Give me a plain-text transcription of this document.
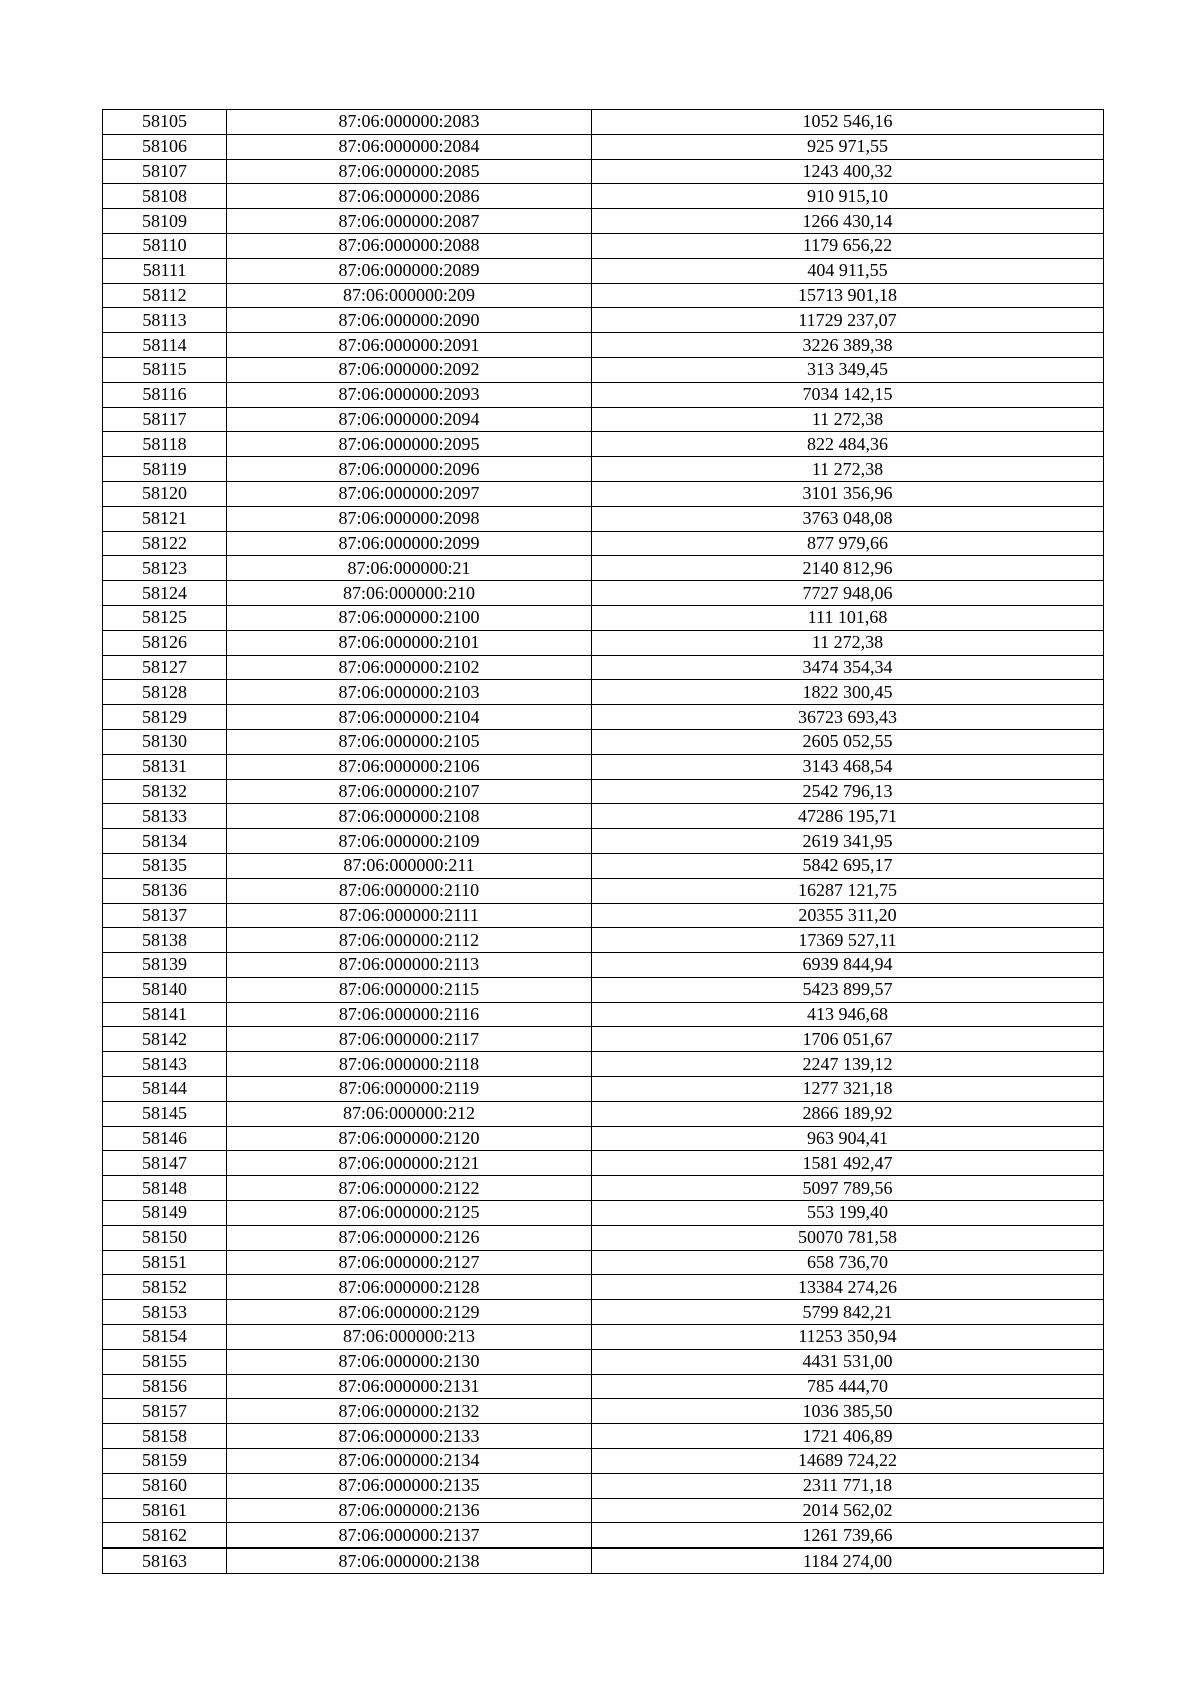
58105	87:06:000000:2083	1052 546,16
58106	87:06:000000:2084	925 971,55
58107	87:06:000000:2085	1243 400,32
58108	87:06:000000:2086	910 915,10
58109	87:06:000000:2087	1266 430,14
58110	87:06:000000:2088	1179 656,22
58111	87:06:000000:2089	404 911,55
58112	87:06:000000:209	15713 901,18
58113	87:06:000000:2090	11729 237,07
58114	87:06:000000:2091	3226 389,38
58115	87:06:000000:2092	313 349,45
58116	87:06:000000:2093	7034 142,15
58117	87:06:000000:2094	11 272,38
58118	87:06:000000:2095	822 484,36
58119	87:06:000000:2096	11 272,38
58120	87:06:000000:2097	3101 356,96
58121	87:06:000000:2098	3763 048,08
58122	87:06:000000:2099	877 979,66
58123	87:06:000000:21	2140 812,96
58124	87:06:000000:210	7727 948,06
58125	87:06:000000:2100	111 101,68
58126	87:06:000000:2101	11 272,38
58127	87:06:000000:2102	3474 354,34
58128	87:06:000000:2103	1822 300,45
58129	87:06:000000:2104	36723 693,43
58130	87:06:000000:2105	2605 052,55
58131	87:06:000000:2106	3143 468,54
58132	87:06:000000:2107	2542 796,13
58133	87:06:000000:2108	47286 195,71
58134	87:06:000000:2109	2619 341,95
58135	87:06:000000:211	5842 695,17
58136	87:06:000000:2110	16287 121,75
58137	87:06:000000:2111	20355 311,20
58138	87:06:000000:2112	17369 527,11
58139	87:06:000000:2113	6939 844,94
58140	87:06:000000:2115	5423 899,57
58141	87:06:000000:2116	413 946,68
58142	87:06:000000:2117	1706 051,67
58143	87:06:000000:2118	2247 139,12
58144	87:06:000000:2119	1277 321,18
58145	87:06:000000:212	2866 189,92
58146	87:06:000000:2120	963 904,41
58147	87:06:000000:2121	1581 492,47
58148	87:06:000000:2122	5097 789,56
58149	87:06:000000:2125	553 199,40
58150	87:06:000000:2126	50070 781,58
58151	87:06:000000:2127	658 736,70
58152	87:06:000000:2128	13384 274,26
58153	87:06:000000:2129	5799 842,21
58154	87:06:000000:213	11253 350,94
58155	87:06:000000:2130	4431 531,00
58156	87:06:000000:2131	785 444,70
58157	87:06:000000:2132	1036 385,50
58158	87:06:000000:2133	1721 406,89
58159	87:06:000000:2134	14689 724,22
58160	87:06:000000:2135	2311 771,18
58161	87:06:000000:2136	2014 562,02
58162	87:06:000000:2137	1261 739,66
58163	87:06:000000:2138	1184 274,00
